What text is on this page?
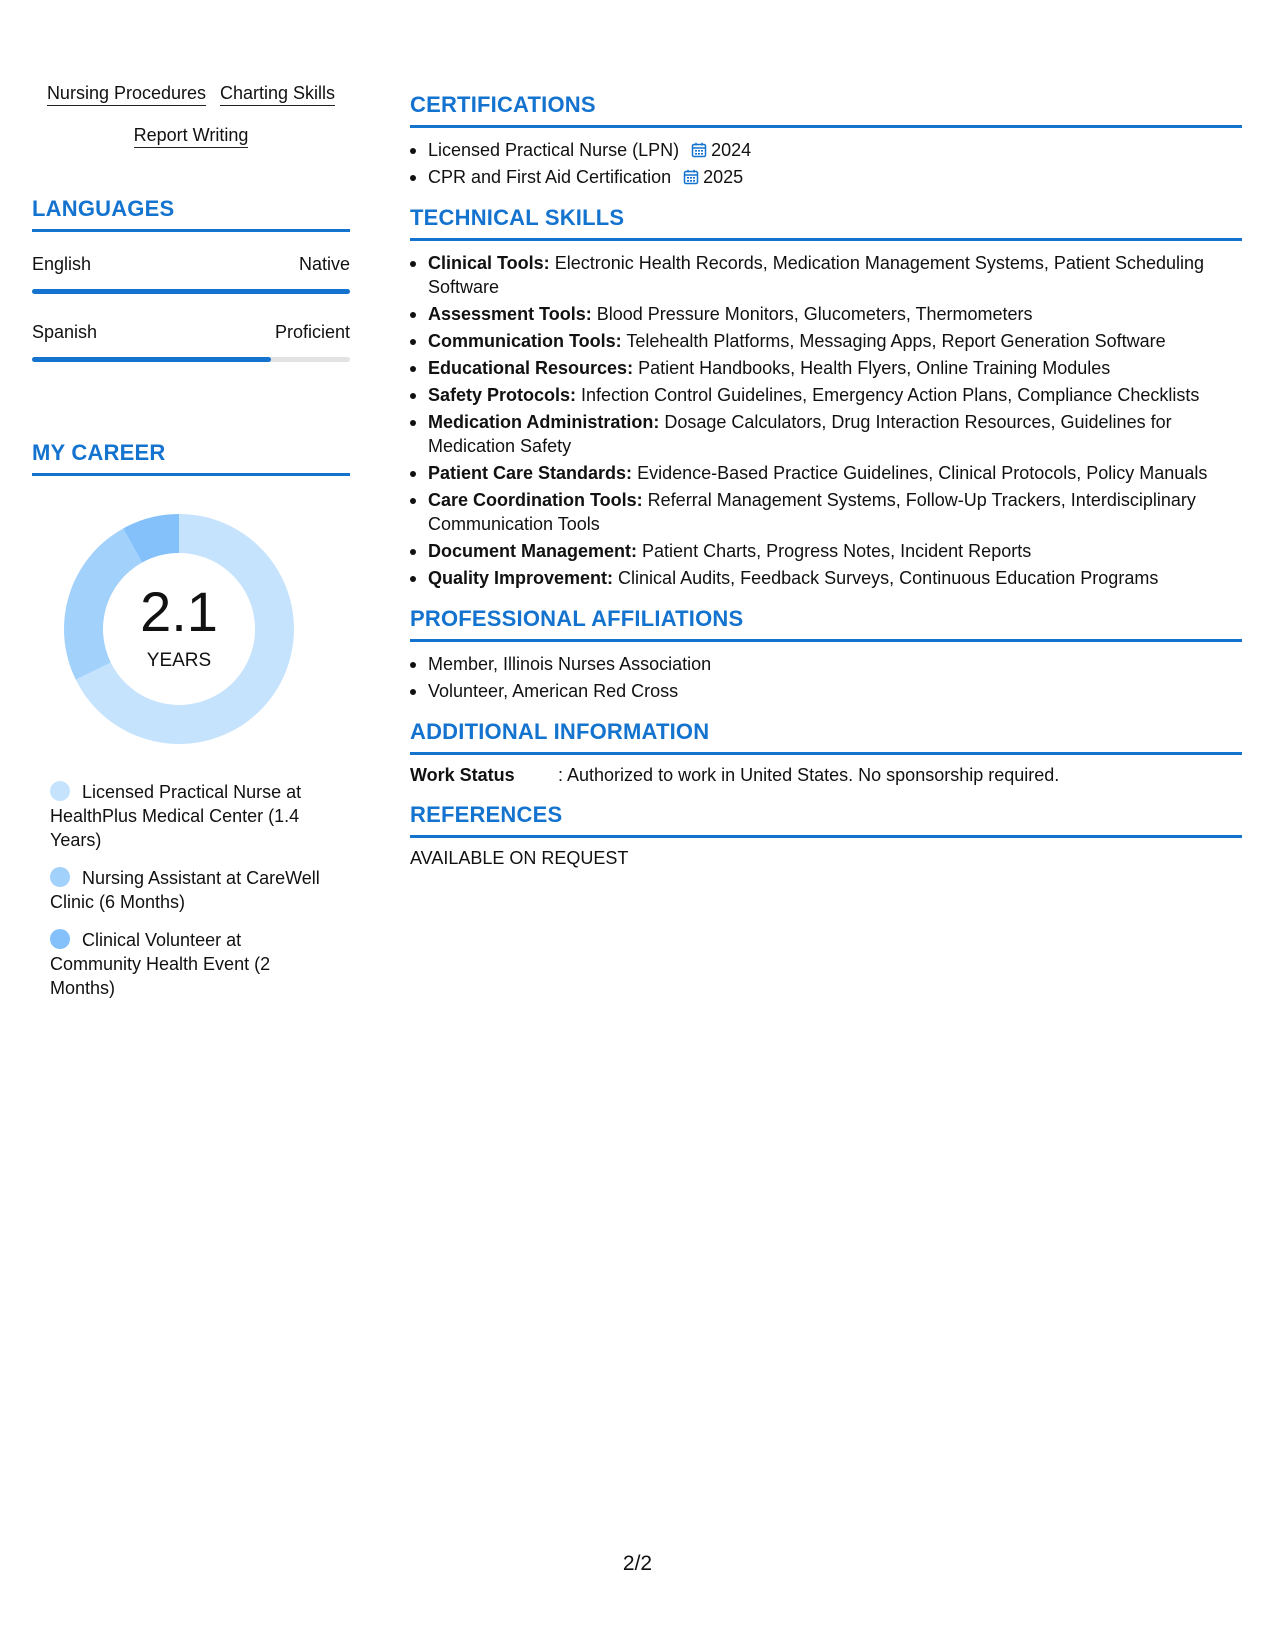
Nursing Procedures Charting Skills
Report Writing
LANGUAGES
English	Native
Spanish	Proficient
MY CAREER
2.1
YEARS
Licensed Practical Nurse at HealthPlus Medical Center (1.4 Years)
Nursing Assistant at CareWell Clinic (6 Months)
Clinical Volunteer at Community Health Event (2 Months)
CERTIFICATIONS
Licensed Practical Nurse (LPN) 2024
CPR and First Aid Certification 2025
TECHNICAL SKILLS
Clinical Tools: Electronic Health Records, Medication Management Systems, Patient Scheduling Software
Assessment Tools: Blood Pressure Monitors, Glucometers, Thermometers
Communication Tools: Telehealth Platforms, Messaging Apps, Report Generation Software
Educational Resources: Patient Handbooks, Health Flyers, Online Training Modules
Safety Protocols: Infection Control Guidelines, Emergency Action Plans, Compliance Checklists
Medication Administration: Dosage Calculators, Drug Interaction Resources, Guidelines for Medication Safety
Patient Care Standards: Evidence-Based Practice Guidelines, Clinical Protocols, Policy Manuals
Care Coordination Tools: Referral Management Systems, Follow-Up Trackers, Interdisciplinary Communication Tools
Document Management: Patient Charts, Progress Notes, Incident Reports
Quality Improvement: Clinical Audits, Feedback Surveys, Continuous Education Programs
PROFESSIONAL AFFILIATIONS
Member, Illinois Nurses Association
Volunteer, American Red Cross
ADDITIONAL INFORMATION
Work Status	: Authorized to work in United States. No sponsorship required.
REFERENCES
AVAILABLE ON REQUEST
2/2
